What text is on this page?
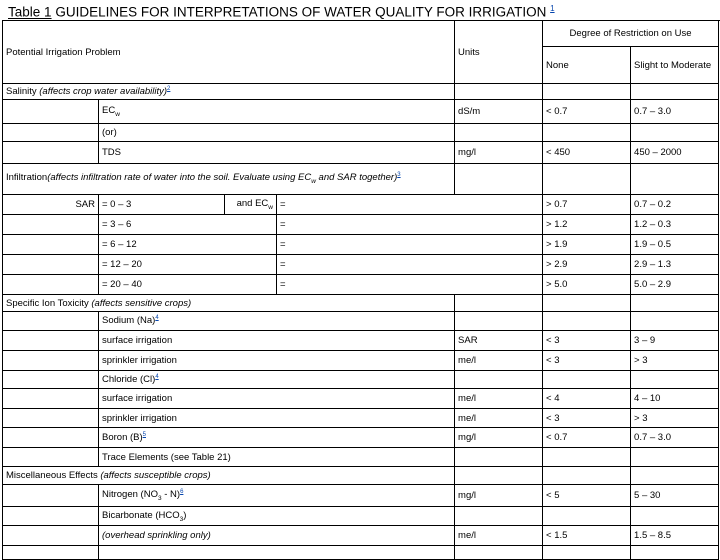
Table 1 GUIDELINES FOR INTERPRETATIONS OF WATER QUALITY FOR IRRIGATION $^1$
Potential Irrigation Problem				Units	Degree of Restriction on Use		
					None	Slight to Moderate	
Salinity (affects crop water availability)$^2$				
	$EC_w$			dS/m	< 0.7	0.7 – 3.0	
	(or)						
	TDS			mg/l	< 450	450 – 2000	
Infiltration(affects infiltration rate of water into the soil. Evaluate using $EC_w$ and SAR together)$^3$				
SAR	= 0 – 3	and $EC_w$	=		> 0.7	0.7 – 0.2	
	= 3 – 6		=		> 1.2	1.2 – 0.3	
	= 6 – 12		=		> 1.9	1.9 – 0.5	
	= 12 – 20		=		> 2.9	2.9 – 1.3	
	= 20 – 40		=		> 5.0	5.0 – 2.9	
Specific Ion Toxicity (affects sensitive crops)							
	Sodium (Na)$^4$				
	surface irrigation			SAR	< 3	3 – 9	
	sprinkler irrigation			me/l	< 3	> 3	
	Chloride (Cl)$^4$				
	surface irrigation			me/l	< 4	4 – 10	
	sprinkler irrigation			me/l	< 3	> 3	
	Boron (B)$^5$			mg/l	< 0.7	0.7 – 3.0	
	Trace Elements (see Table 21)						
Miscellaneous Effects (affects susceptible crops)							
	Nitrogen $(NO_3 - N)^6$			mg/l	< 5	5 – 30	
	Bicarbonate $(HCO_3)$						
	(overhead sprinkling only)			me/l	< 1.5	1.5 – 8.5	
